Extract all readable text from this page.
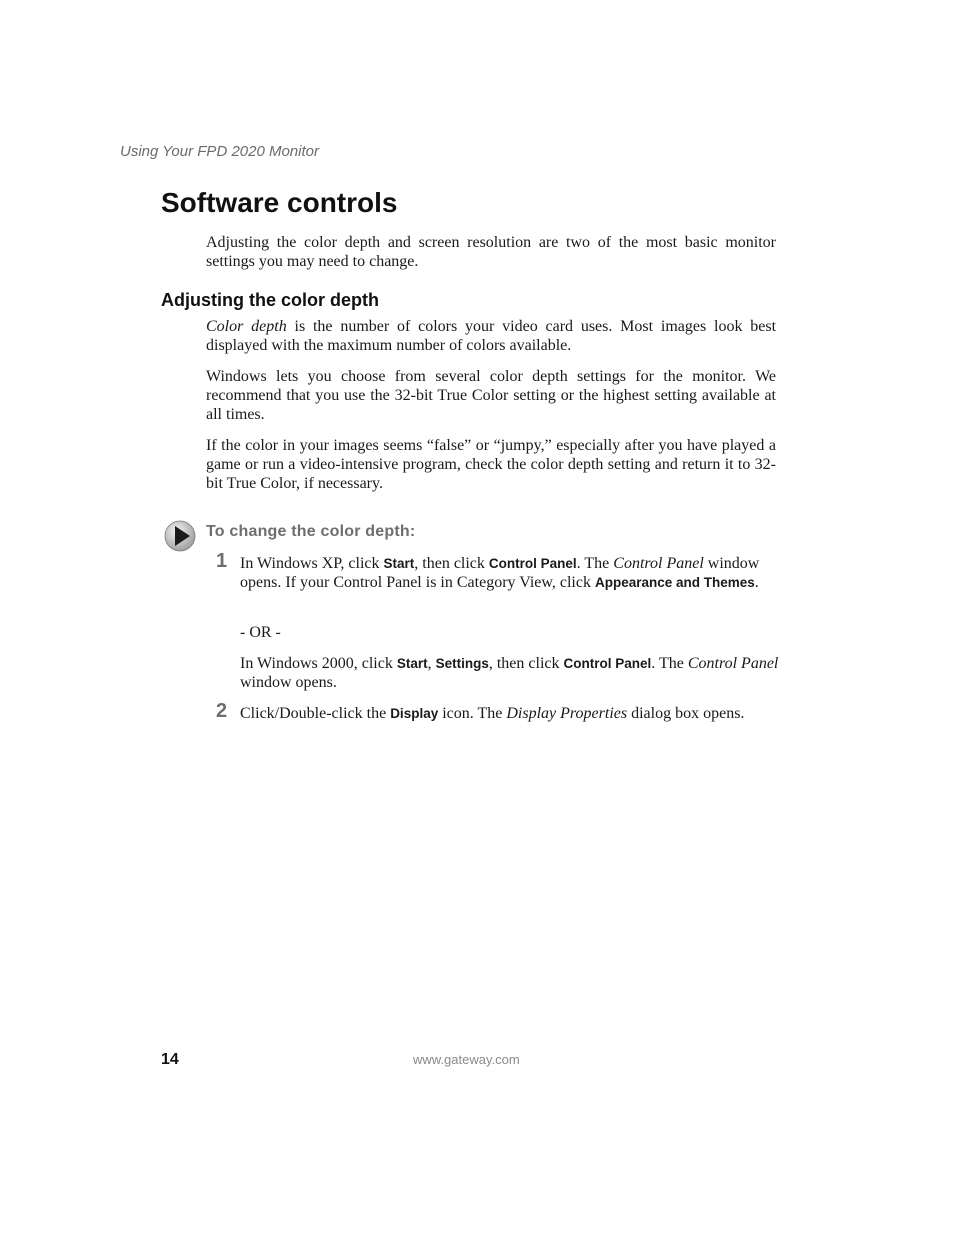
Using Your FPD 2020 Monitor
Software controls

Adjusting the color depth and screen resolution are two of the most basic monitor settings you may need to change.

Adjusting the color depth

Color depth is the number of colors your video card uses. Most images look best displayed with the maximum number of colors available.

Windows lets you choose from several color depth settings for the monitor. We recommend that you use the 32-bit True Color setting or the highest setting available at all times.

If the color in your images seems “false” or “jumpy,” especially after you have played a game or run a video-intensive program, check the color depth setting and return it to 32-bit True Color, if necessary.

To change the color depth:
1 In Windows XP, click Start, then click Control Panel. The Control Panel window opens. If your Control Panel is in Category View, click Appearance and Themes.

- OR -

In Windows 2000, click Start, Settings, then click Control Panel. The Control Panel window opens.

2 Click/Double-click the Display icon. The Display Properties dialog box opens.

14	www.gateway.com
